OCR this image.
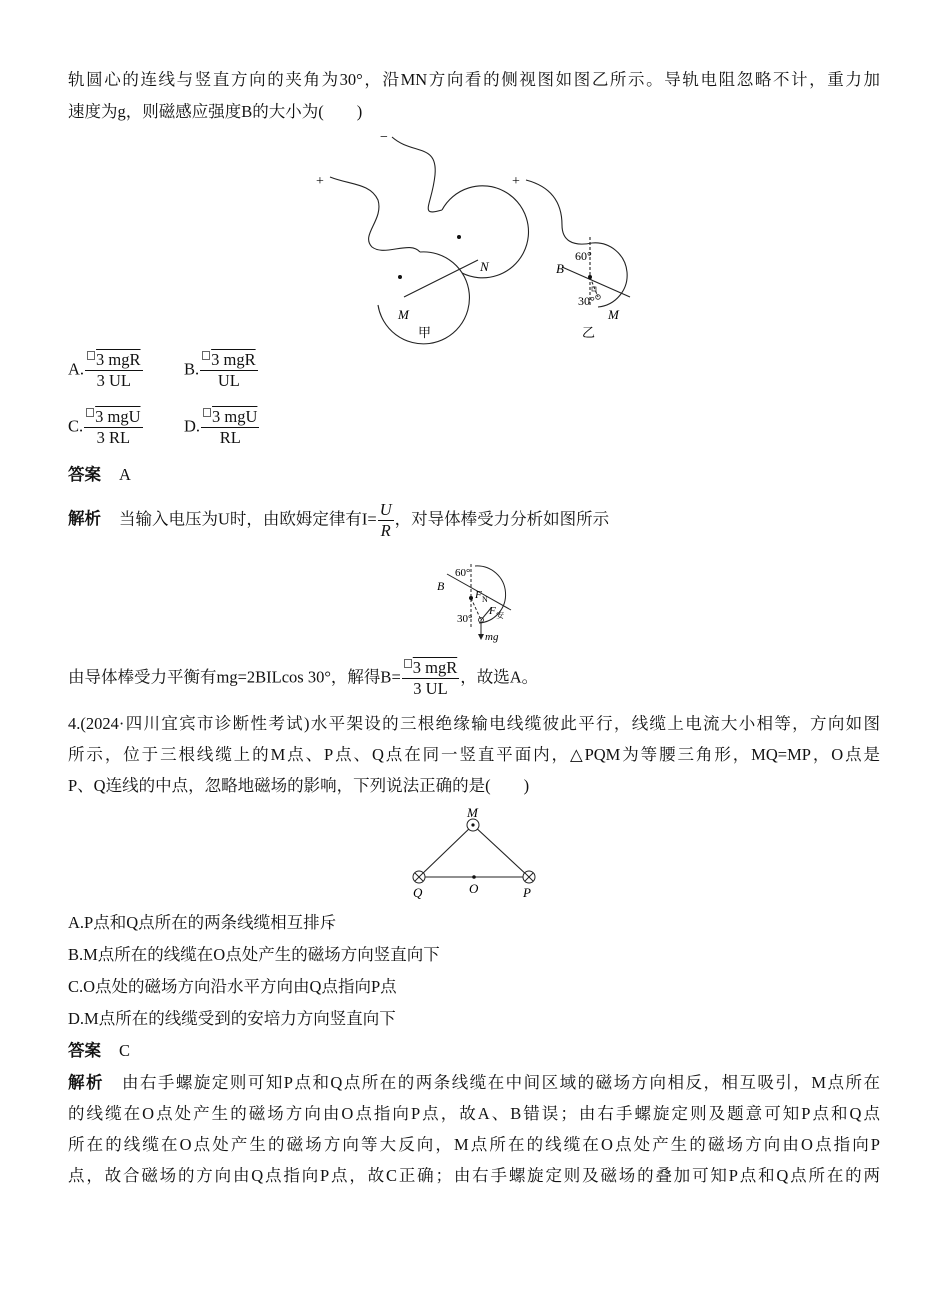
轨圆心的连线与竖直方向的夹角为30°，沿MN方向看的侧视图如图乙所示。导轨电阻忽略不计，重力加
速度为g，则磁感应强度B的大小为(　　)
+
−
M
N
甲
+
B
60°
30°
M
乙
A. $\frac{\text{3 mgR}}{3 UL}$	B. $\frac{\text{3 mgR}}{UL}$
C. $\frac{\text{3 mgU}}{3 RL}$	D. $\frac{\text{3 mgU}}{RL}$
答案 A
解析 当输入电压为U时，由欧姆定律有$I= \frac{U}{R}$ ，对导体棒受力分析如图所示
B
60°
30°
F N
F 安
mg
由导体棒受力平衡有mg=2BILcos 30°，解得$B= \frac{\text{3 mgR}}{3 UL}$ ，故选A。
4.(2024·四川宜宾市诊断性考试)水平架设的三根绝缘输电线缆彼此平行，线缆上电流大小相等，方向如图
所示，位于三根线缆上的M点、P点、Q点在同一竖直平面内，△PQM为等腰三角形，MQ=MP，O点是
P、Q连线的中点，忽略地磁场的影响，下列说法正确的是(　　)
M
Q	O	P
A.P点和Q点所在的两条线缆相互排斥
B.M点所在的线缆在O点处产生的磁场方向竖直向下
C.O点处的磁场方向沿水平方向由Q点指向P点
D.M点所在的线缆受到的安培力方向竖直向下
答案 C
解析 由右手螺旋定则可知P点和Q点所在的两条线缆在中间区域的磁场方向相反，相互吸引，M点所在
的线缆在O点处产生的磁场方向由O点指向P点，故A、B错误；由右手螺旋定则及题意可知P点和Q点
所在的线缆在O点处产生的磁场方向等大反向，M点所在的线缆在O点处产生的磁场方向由O点指向P
点，故合磁场的方向由Q点指向P点，故C正确；由右手螺旋定则及磁场的叠加可知P点和Q点所在的两
